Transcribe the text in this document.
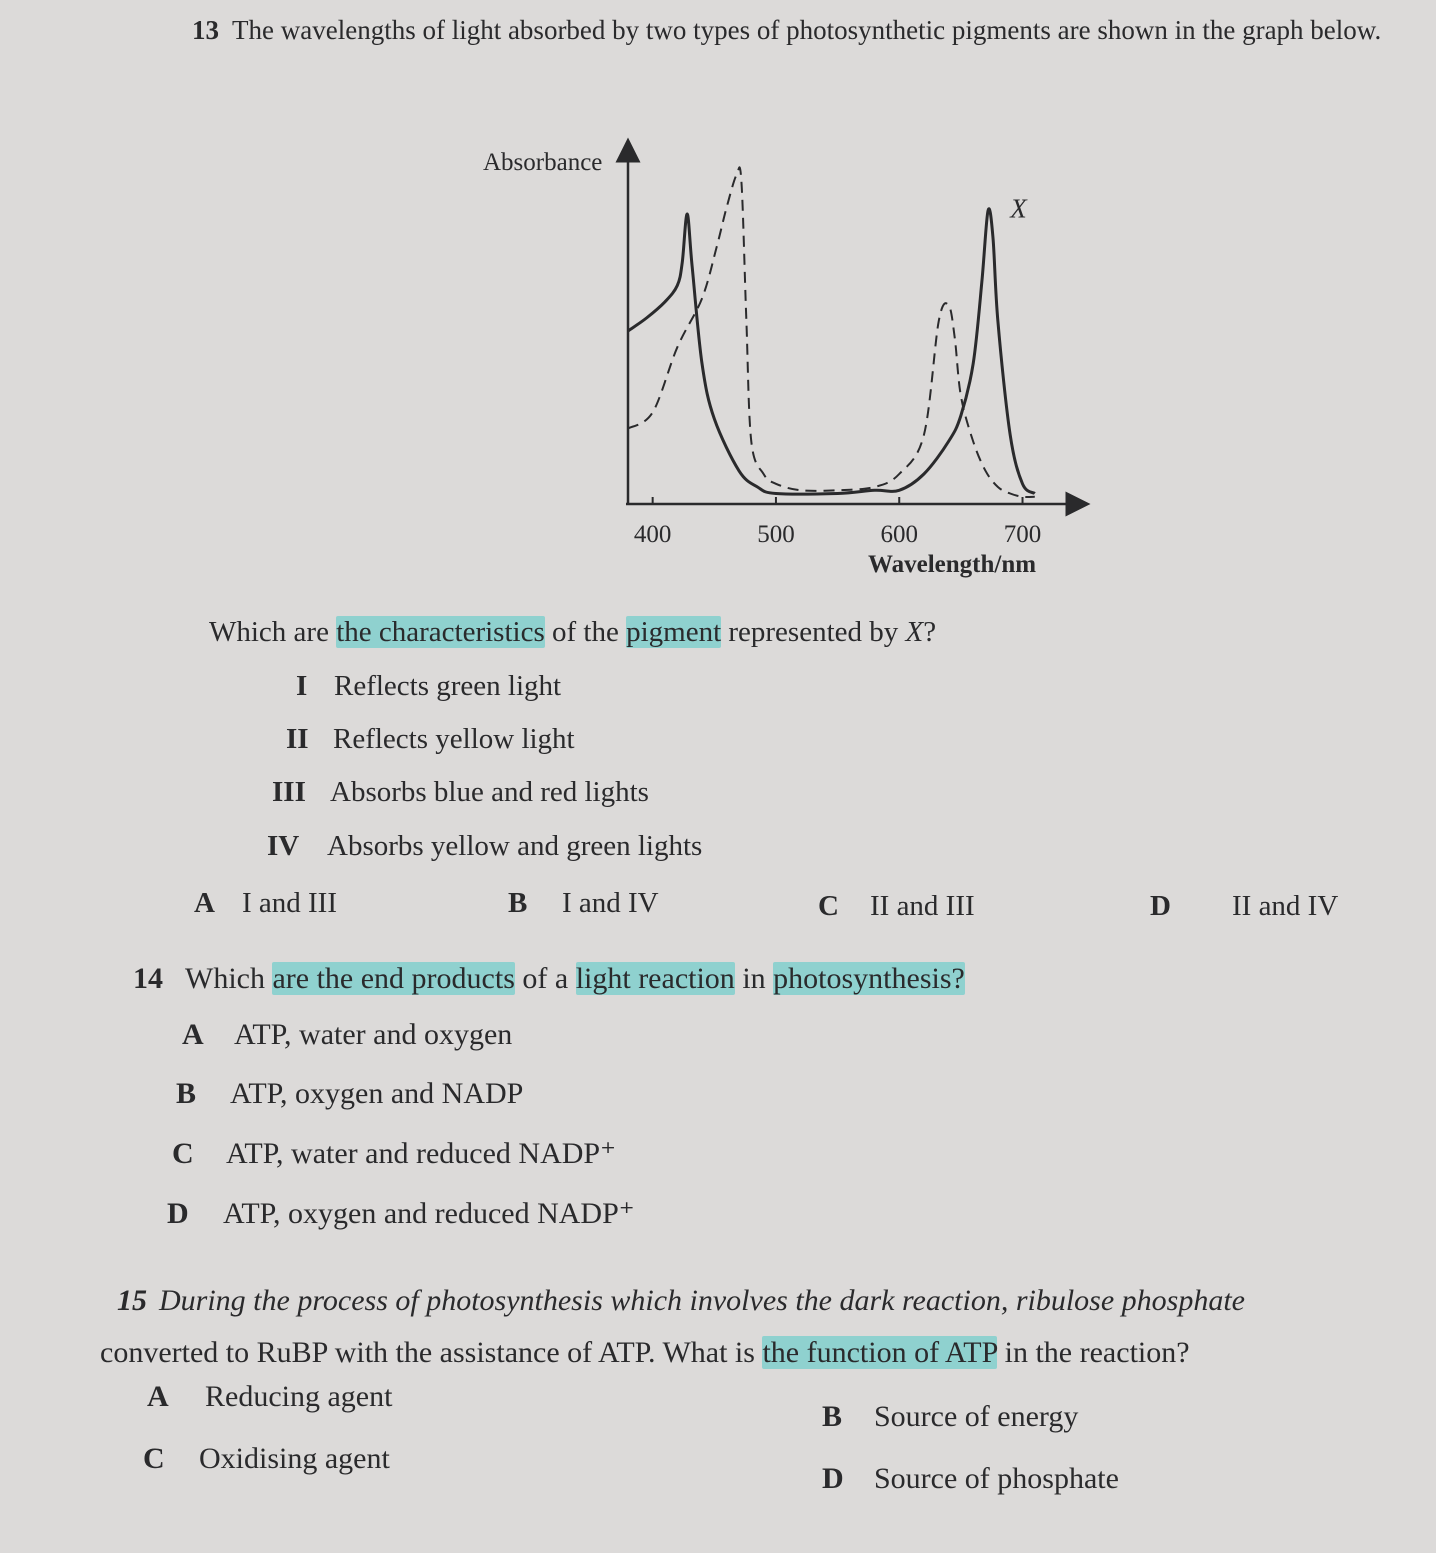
13 The wavelengths of light absorbed by two types of photosynthetic pigments are shown in the graph below.
Absorbance
Wavelength/nm
400	500	600	700
X
Which are the characteristics of the pigment represented by X?
I Reflects green light
II Reflects yellow light
III Absorbs blue and red lights
IV Absorbs yellow and green lights
A I and III	B I and IV	C II and III	D II and IV
14 Which are the end products of a light reaction in photosynthesis?
A ATP, water and oxygen
B ATP, oxygen and NADP
C ATP, water and reduced NADP⁺
D ATP, oxygen and reduced NADP⁺
15 During the process of photosynthesis which involves the dark reaction, ribulose phosphate
converted to RuBP with the assistance of ATP. What is the function of ATP in the reaction?
A Reducing agent
B Source of energy
C Oxidising agent
D Source of phosphate
